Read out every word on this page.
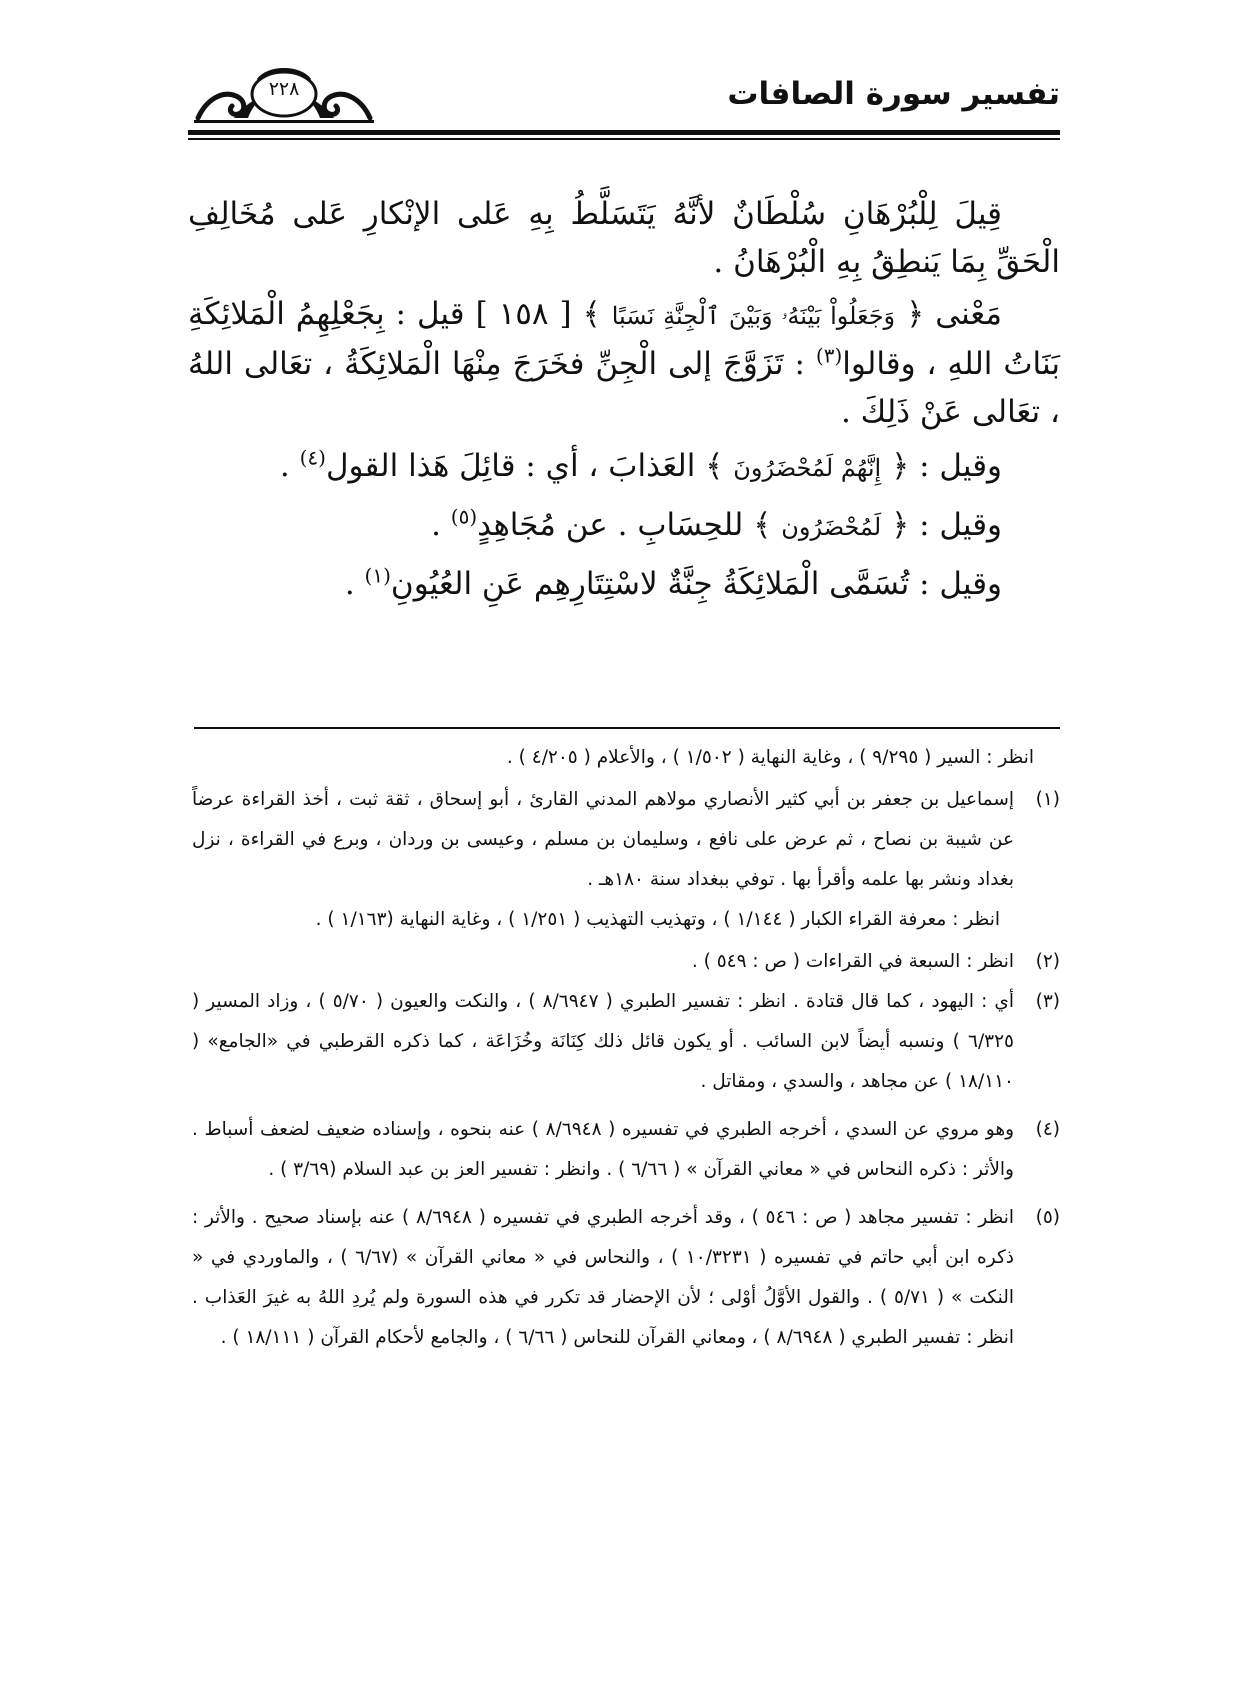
تفسير سورة الصافات
٢٢٨

قِيلَ لِلْبُرْهَانِ سُلْطَانٌ لأنَّهُ يَتَسَلَّطُ بِهِ عَلى الإنْكارِ عَلى مُخَالِفِ الْحَقِّ بِمَا يَنطِقُ بِهِ الْبُرْهَانُ .

مَعْنى ﴿ وَجَعَلُواْ بَيْنَهُۥ وَبَيْنَ ٱلْجِنَّةِ نَسَبًا ﴾ [ ١٥٨ ] قيل : بِجَعْلِهِمُ الْمَلائِكَةِ بَنَاتُ اللهِ ، وقالوا$^{(٣)}$ : تَزَوَّجَ إلى الْجِنِّ فخَرَجَ مِنْهَا الْمَلائِكَةُ ، تعَالى اللهُ ، تعَالى عَنْ ذَلِكَ .

وقيل : ﴿ إِنَّهُمْ لَمُحْضَرُونَ ﴾ العَذابَ ، أي : قائِلَ هَذا القول$^{(٤)}$ .

وقيل : ﴿ لَمُحْضَرُون ﴾ للحِسَابِ . عن مُجَاهِدٍ$^{(٥)}$ .

وقيل : تُسَمَّى الْمَلائِكَةُ جِنَّةٌ لاسْتِتَارِهِم عَنِ العُيُونِ$^{(١)}$ .

انظر : السير ( ٩/٢٩٥ ) ، وغاية النهاية ( ١/٥٠٢ ) ، والأعلام ( ٤/٢٠٥ ) .

(١)
إسماعيل بن جعفر بن أبي كثير الأنصاري مولاهم المدني القارئ ، أبو إسحاق ، ثقة ثبت ، أخذ القراءة عرضاً عن شيبة بن نصاح ، ثم عرض على نافع ، وسليمان بن مسلم ، وعيسى بن وردان ، وبرع في القراءة ، نزل بغداد ونشر بها علمه وأقرأ بها . توفي ببغداد سنة ١٨٠هـ .

انظر : معرفة القراء الكبار ( ١/١٤٤ ) ، وتهذيب التهذيب ( ١/٢٥١ ) ، وغاية النهاية (١/١٦٣ ) .

(٢)
انظر : السبعة في القراءات ( ص : ٥٤٩ ) .
(٣)
أي : اليهود ، كما قال قتادة . انظر : تفسير الطبري ( ٨/٦٩٤٧ ) ، والنكت والعيون ( ٥/٧٠ ) ، وزاد المسير ( ٦/٣٢٥ ) ونسبه أيضاً لابن السائب . أو يكون قائل ذلك كِنَانَة وخُزَاعَة ، كما ذكره القرطبي في «الجامع» ( ١٨/١١٠ ) عن مجاهد ، والسدي ، ومقاتل .
(٤)
وهو مروي عن السدي ، أخرجه الطبري في تفسيره ( ٨/٦٩٤٨ ) عنه بنحوه ، وإسناده ضعيف لضعف أسباط . والأثر : ذكره النحاس في « معاني القرآن » ( ٦/٦٦ ) . وانظر : تفسير العز بن عبد السلام (٣/٦٩ ) .
(٥)
انظر : تفسير مجاهد ( ص : ٥٤٦ ) ، وقد أخرجه الطبري في تفسيره ( ٨/٦٩٤٨ ) عنه بإسناد صحيح . والأثر : ذكره ابن أبي حاتم في تفسيره ( ١٠/٣٢٣١ ) ، والنحاس في « معاني القرآن » (٦/٦٧ ) ، والماوردي في « النكت » ( ٥/٧١ ) . والقول الأوَّلُ أوْلى ؛ لأن الإحضار قد تكرر في هذه السورة ولم يُردِ اللهُ به غيرَ العَذاب . انظر : تفسير الطبري ( ٨/٦٩٤٨ ) ، ومعاني القرآن للنحاس ( ٦/٦٦ ) ، والجامع لأحكام القرآن ( ١٨/١١١ ) .
